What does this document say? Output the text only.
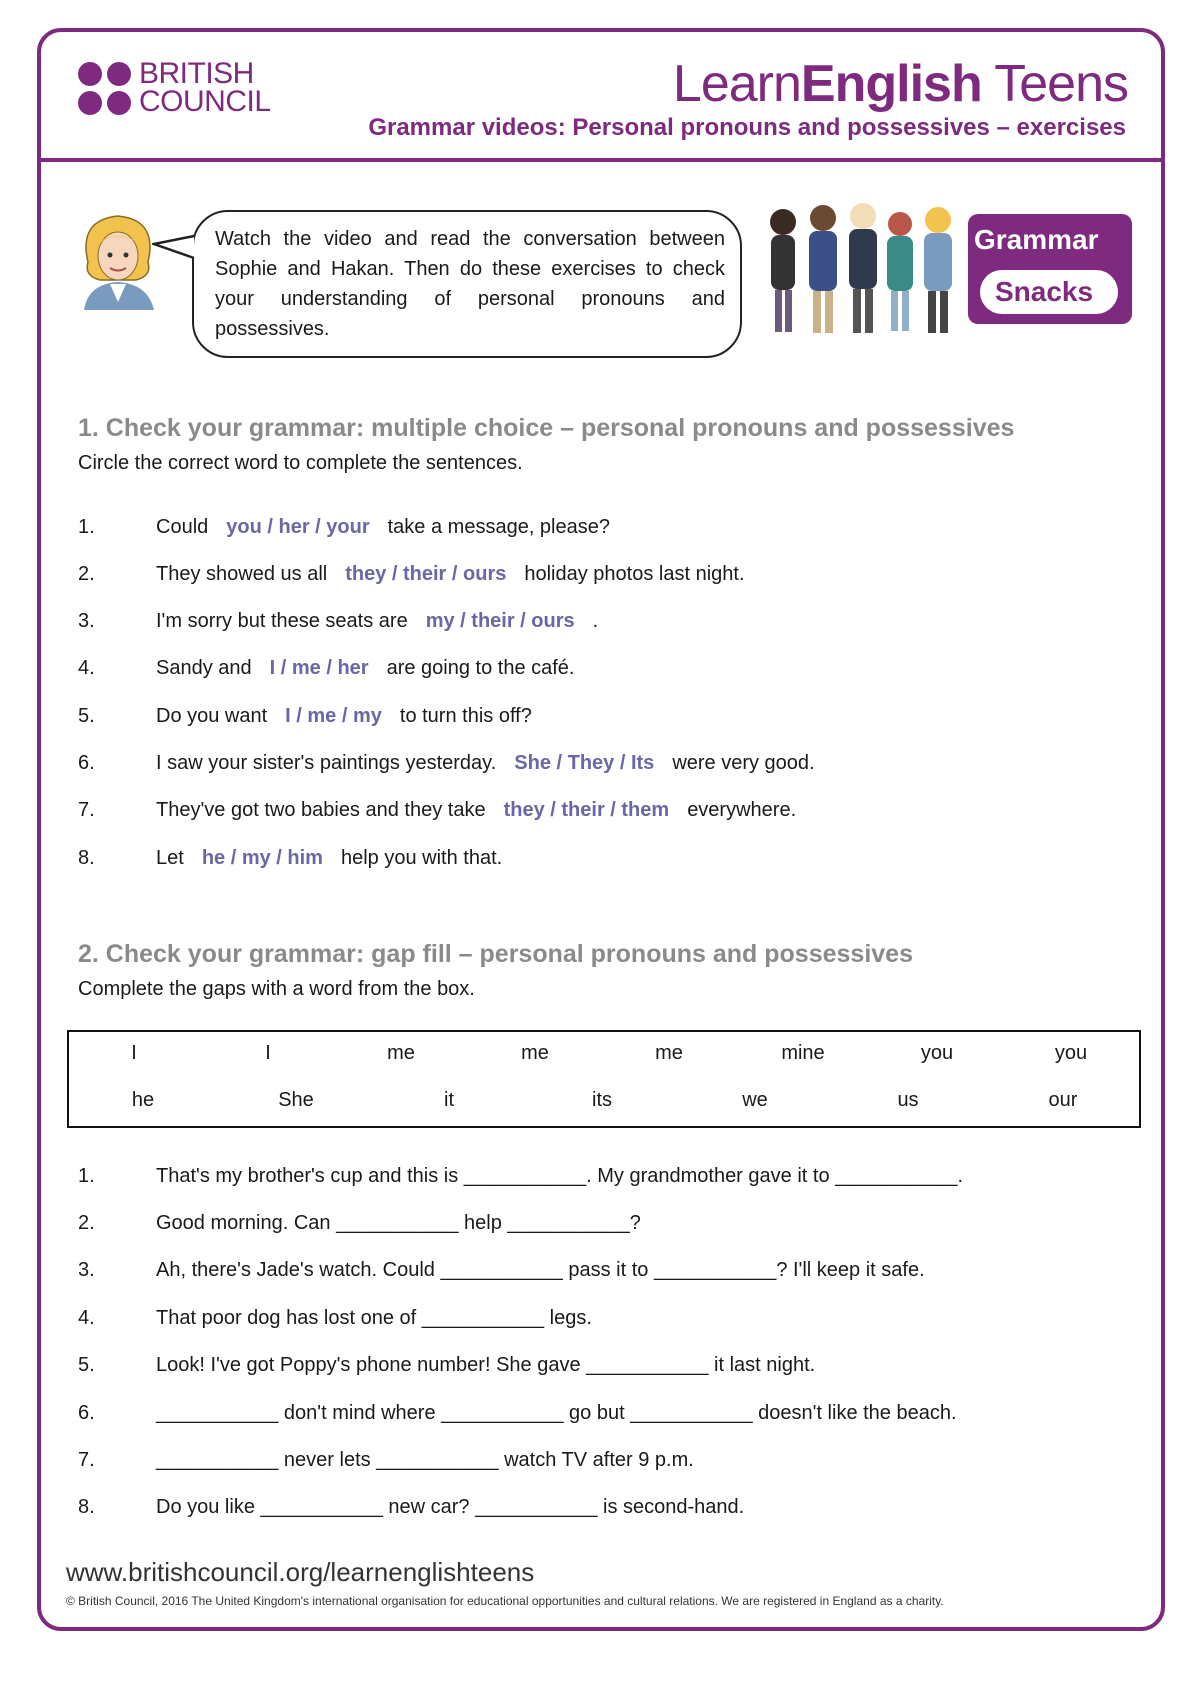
BRITISH
COUNCIL	LearnEnglish Teens
Grammar videos: Personal pronouns and possessives – exercises
Watch the video and read the conversation between Sophie and Hakan. Then do these exercises to check your understanding of personal pronouns and possessives.
Grammar
Snacks
1. Check your grammar: multiple choice – personal pronouns and possessives
Circle the correct word to complete the sentences.
1.	Could you / her / your take a message, please?
2.	They showed us all they / their / ours holiday photos last night.
3.	I'm sorry but these seats are my / their / ours .
4.	Sandy and I / me / her are going to the café.
5.	Do you want I / me / my to turn this off?
6.	I saw your sister's paintings yesterday. She / They / Its were very good.
7.	They've got two babies and they take they / their / them everywhere.
8.	Let he / my / him help you with that.
2. Check your grammar: gap fill – personal pronouns and possessives
Complete the gaps with a word from the box.
I	I	me	me	me	mine	you	you
he	She	it	its	we	us	our
1.	That's my brother's cup and this is ___________. My grandmother gave it to ___________.
2.	Good morning. Can ___________ help ___________?
3.	Ah, there's Jade's watch. Could ___________ pass it to ___________? I'll keep it safe.
4.	That poor dog has lost one of ___________ legs.
5.	Look! I've got Poppy's phone number! She gave ___________ it last night.
6.	___________ don't mind where ___________ go but ___________ doesn't like the beach.
7.	___________ never lets ___________ watch TV after 9 p.m.
8.	Do you like ___________ new car? ___________ is second-hand.
www.britishcouncil.org/learnenglishteens
© British Council, 2016 The United Kingdom's international organisation for educational opportunities and cultural relations. We are registered in England as a charity.
